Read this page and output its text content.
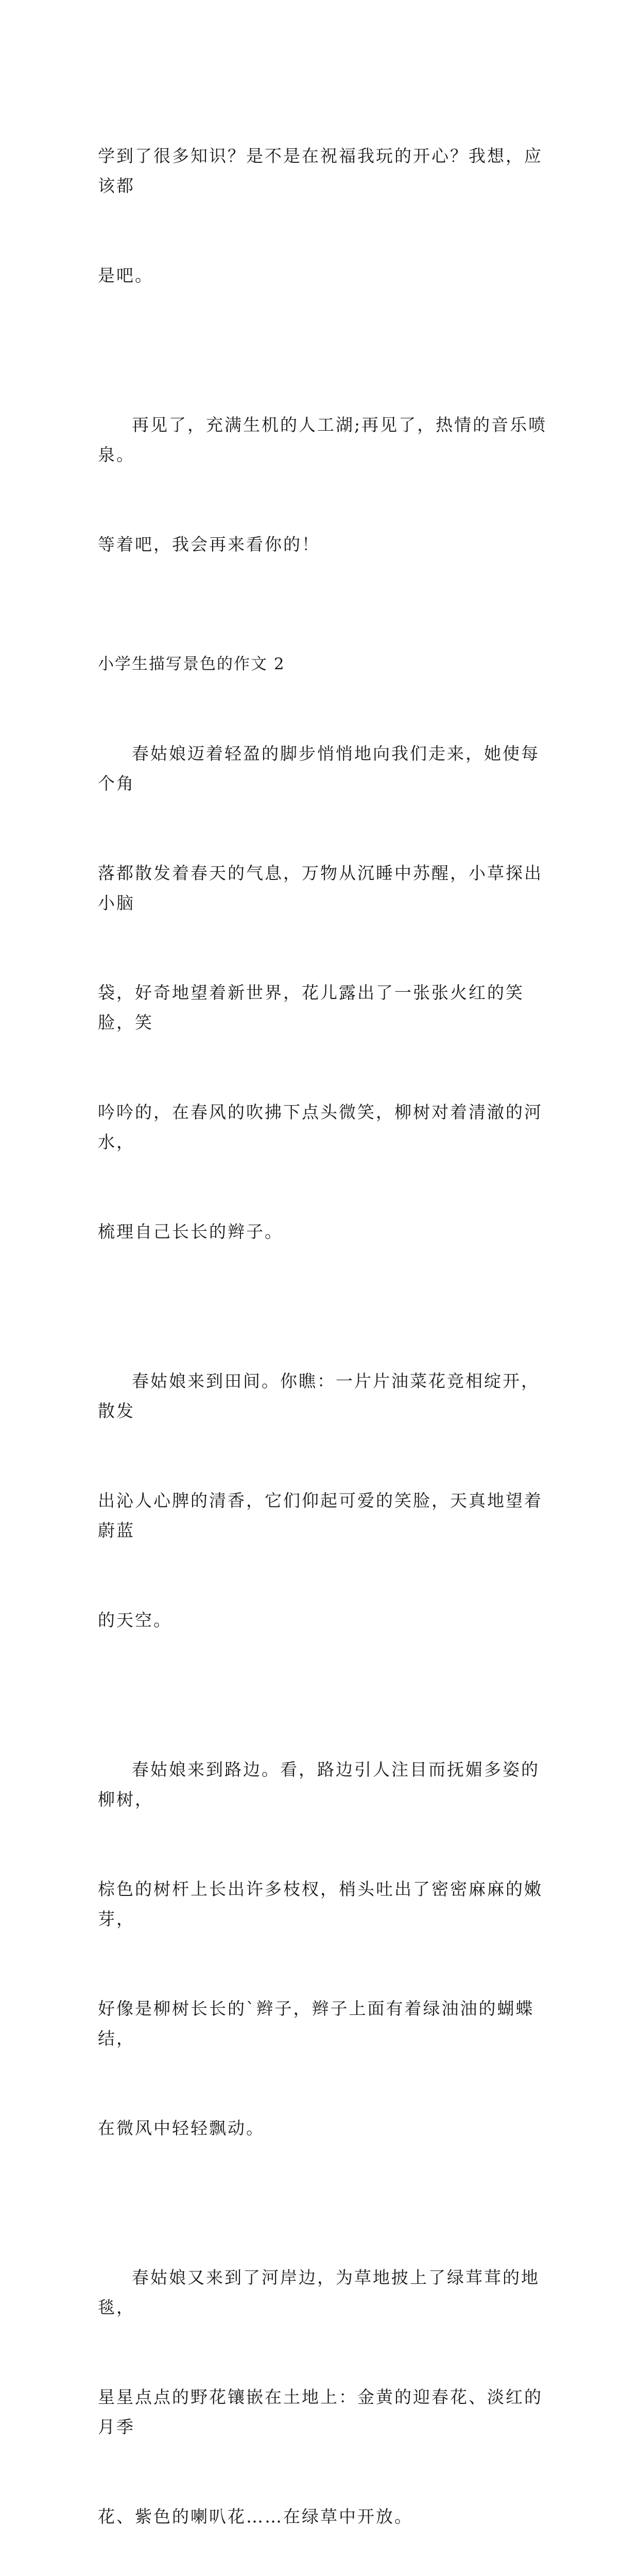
学到了很多知识？是不是在祝福我玩的开心？我想，应该都

是吧。

再见了，充满生机的人工湖;再见了，热情的音乐喷泉。

等着吧，我会再来看你的！

小学生描写景色的作文 2

春姑娘迈着轻盈的脚步悄悄地向我们走来，她使每个角

落都散发着春天的气息，万物从沉睡中苏醒，小草探出小脑

袋，好奇地望着新世界，花儿露出了一张张火红的笑脸，笑

吟吟的，在春风的吹拂下点头微笑，柳树对着清澈的河水，

梳理自己长长的辫子。

春姑娘来到田间。你瞧：一片片油菜花竞相绽开，散发

出沁人心脾的清香，它们仰起可爱的笑脸，天真地望着蔚蓝

的天空。

春姑娘来到路边。看，路边引人注目而抚媚多姿的柳树，

棕色的树杆上长出许多枝杈，梢头吐出了密密麻麻的嫩芽，

好像是柳树长长的`辫子，辫子上面有着绿油油的蝴蝶结，

在微风中轻轻飘动。

春姑娘又来到了河岸边，为草地披上了绿茸茸的地毯，

星星点点的野花镶嵌在土地上：金黄的迎春花、淡红的月季

花、紫色的喇叭花……在绿草中开放。
